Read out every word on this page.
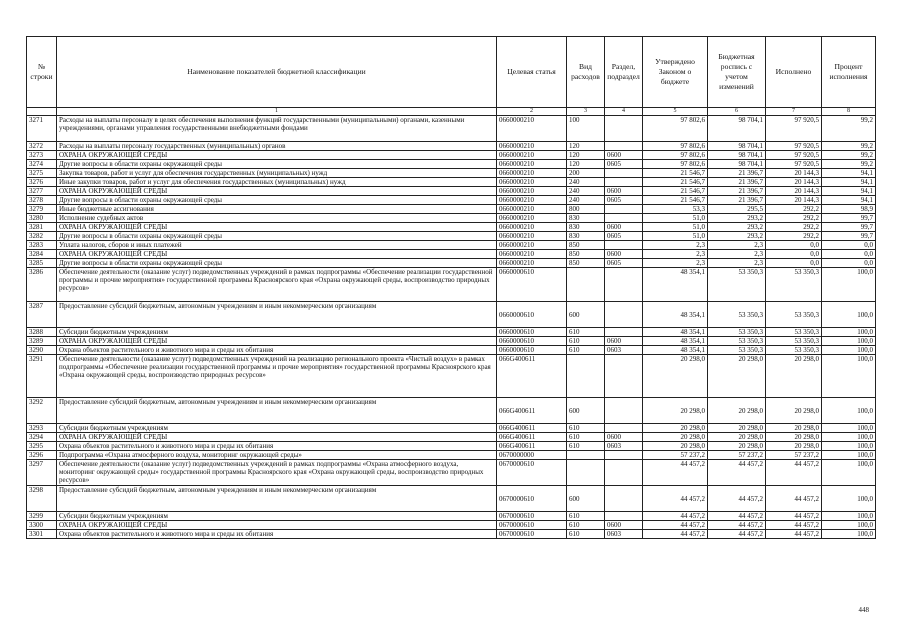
№ строки	Наименование показателей бюджетной классификации	Целевая статья	Вид расходов	Раздел, подраздел	Утверждено Законом о бюджете	Бюджетная роспись с учетом изменений	Исполнено	Процент исполнения
	1	2	3	4	5	6	7	8
3271	Расходы на выплаты персоналу в целях обеспечения выполнения функций государственными (муниципальными) органами, казенными учреждениями, органами управления государственными внебюджетными фондами	0660000210	100		97 802,6	98 704,1	97 920,5	99,2
3272	Расходы на выплаты персоналу государственных (муниципальных) органов	0660000210	120		97 802,6	98 704,1	97 920,5	99,2
3273	ОХРАНА ОКРУЖАЮЩЕЙ СРЕДЫ	0660000210	120	0600	97 802,6	98 704,1	97 920,5	99,2
3274	Другие вопросы в области охраны окружающей среды	0660000210	120	0605	97 802,6	98 704,1	97 920,5	99,2
3275	Закупка товаров, работ и услуг для обеспечения государственных (муниципальных) нужд	0660000210	200		21 546,7	21 396,7	20 144,3	94,1
3276	Иные закупки товаров, работ и услуг для обеспечения государственных (муниципальных) нужд	0660000210	240		21 546,7	21 396,7	20 144,3	94,1
3277	ОХРАНА ОКРУЖАЮЩЕЙ СРЕДЫ	0660000210	240	0600	21 546,7	21 396,7	20 144,3	94,1
3278	Другие вопросы в области охраны окружающей среды	0660000210	240	0605	21 546,7	21 396,7	20 144,3	94,1
3279	Иные бюджетные ассигнования	0660000210	800		53,3	295,5	292,2	98,9
3280	Исполнение судебных актов	0660000210	830		51,0	293,2	292,2	99,7
3281	ОХРАНА ОКРУЖАЮЩЕЙ СРЕДЫ	0660000210	830	0600	51,0	293,2	292,2	99,7
3282	Другие вопросы в области охраны окружающей среды	0660000210	830	0605	51,0	293,2	292,2	99,7
3283	Уплата налогов, сборов и иных платежей	0660000210	850		2,3	2,3	0,0	0,0
3284	ОХРАНА ОКРУЖАЮЩЕЙ СРЕДЫ	0660000210	850	0600	2,3	2,3	0,0	0,0
3285	Другие вопросы в области охраны окружающей среды	0660000210	850	0605	2,3	2,3	0,0	0,0
3286	Обеспечение деятельности (оказание услуг) подведомственных учреждений в рамках подпрограммы «Обеспечение реализации государственной программы и прочие мероприятия» государственной программы Красноярского края «Охрана окружающей среды, воспроизводство природных ресурсов»	0660000610			48 354,1	53 350,3	53 350,3	100,0
3287	Предоставление субсидий бюджетным, автономным учреждениям и иным некоммерческим организациям	0660000610	600		48 354,1	53 350,3	53 350,3	100,0
3288	Субсидии бюджетным учреждениям	0660000610	610		48 354,1	53 350,3	53 350,3	100,0
3289	ОХРАНА ОКРУЖАЮЩЕЙ СРЕДЫ	0660000610	610	0600	48 354,1	53 350,3	53 350,3	100,0
3290	Охрана объектов растительного и животного мира и среды их обитания	0660000610	610	0603	48 354,1	53 350,3	53 350,3	100,0
3291	Обеспечение деятельности (оказание услуг) подведомственных учреждений на реализацию регионального проекта «Чистый воздух» в рамках подпрограммы «Обеспечение реализации государственной программы и прочие мероприятия» государственной программы Красноярского края «Охрана окружающей среды, воспроизводство природных ресурсов»	066G400611			20 298,0	20 298,0	20 298,0	100,0
3292	Предоставление субсидий бюджетным, автономным учреждениям и иным некоммерческим организациям	066G400611	600		20 298,0	20 298,0	20 298,0	100,0
3293	Субсидии бюджетным учреждениям	066G400611	610		20 298,0	20 298,0	20 298,0	100,0
3294	ОХРАНА ОКРУЖАЮЩЕЙ СРЕДЫ	066G400611	610	0600	20 298,0	20 298,0	20 298,0	100,0
3295	Охрана объектов растительного и животного мира и среды их обитания	066G400611	610	0603	20 298,0	20 298,0	20 298,0	100,0
3296	Подпрограмма «Охрана атмосферного воздуха, мониторинг окружающей среды»	0670000000			57 237,2	57 237,2	57 237,2	100,0
3297	Обеспечение деятельности (оказание услуг) подведомственных учреждений в рамках подпрограммы «Охрана атмосферного воздуха, мониторинг окружающей среды» государственной программы Красноярского края «Охрана окружающей среды, воспроизводство природных ресурсов»	0670000610			44 457,2	44 457,2	44 457,2	100,0
3298	Предоставление субсидий бюджетным, автономным учреждениям и иным некоммерческим организациям	0670000610	600		44 457,2	44 457,2	44 457,2	100,0
3299	Субсидии бюджетным учреждениям	0670000610	610		44 457,2	44 457,2	44 457,2	100,0
3300	ОХРАНА ОКРУЖАЮЩЕЙ СРЕДЫ	0670000610	610	0600	44 457,2	44 457,2	44 457,2	100,0
3301	Охрана объектов растительного и животного мира и среды их обитания	0670000610	610	0603	44 457,2	44 457,2	44 457,2	100,0
448
